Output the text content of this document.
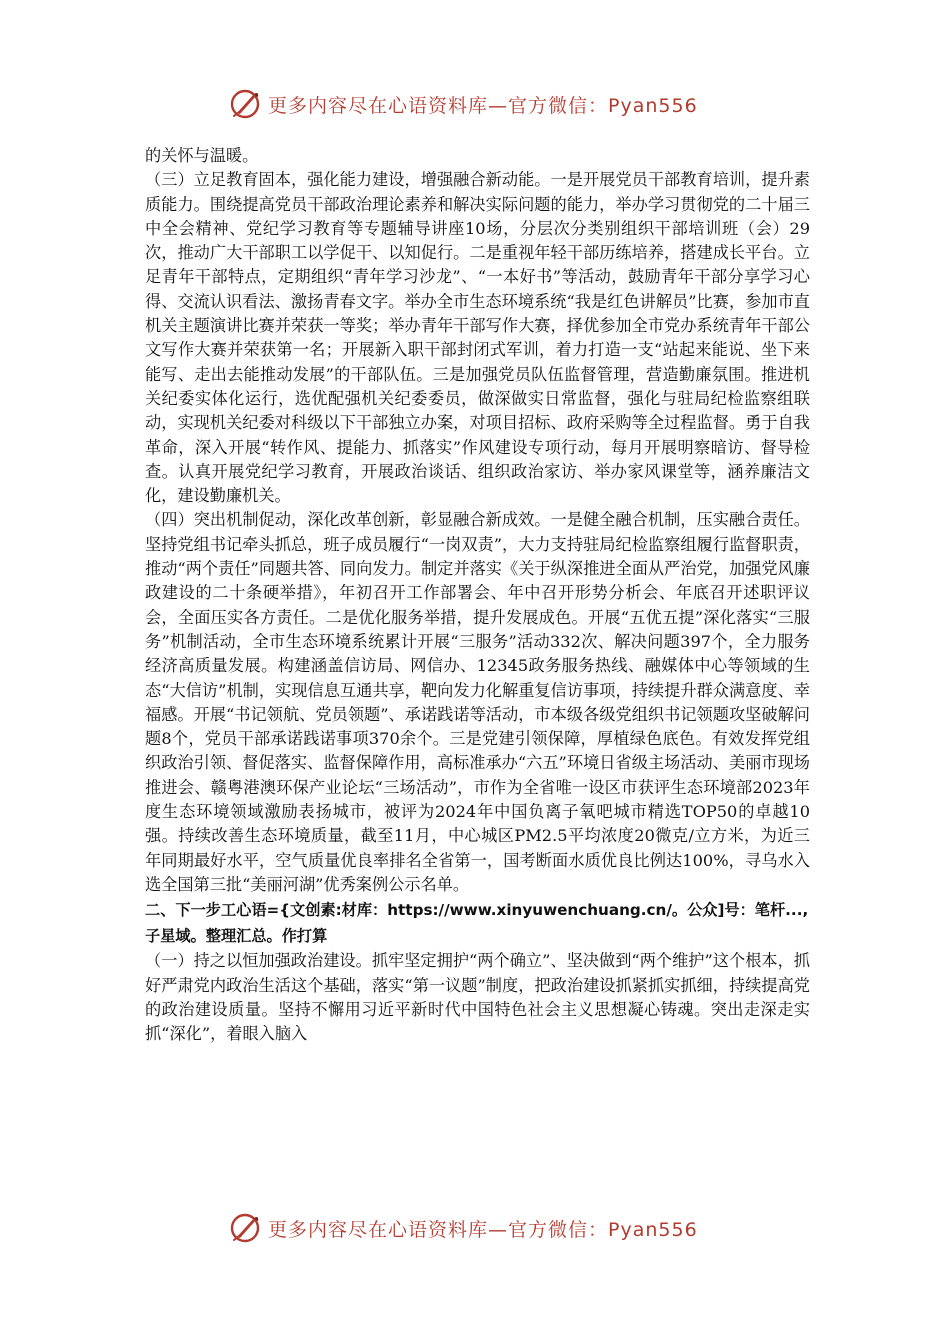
更多内容尽在心语资料库—官方微信：Pyan556

的关怀与温暖。

（三）立足教育固本，强化能力建设，增强融合新动能。一是开展党员干部教育培训，提升素质能力。围绕提高党员干部政治理论素养和解决实际问题的能力，举办学习贯彻党的二十届三中全会精神、党纪学习教育等专题辅导讲座10场，分层次分类别组织干部培训班（会）29次，推动广大干部职工以学促干、以知促行。二是重视年轻干部历练培养，搭建成长平台。立足青年干部特点，定期组织“青年学习沙龙”、“一本好书”等活动，鼓励青年干部分享学习心得、交流认识看法、激扬青春文字。举办全市生态环境系统“我是红色讲解员”比赛，参加市直机关主题演讲比赛并荣获一等奖；举办青年干部写作大赛，择优参加全市党办系统青年干部公文写作大赛并荣获第一名；开展新入职干部封闭式军训，着力打造一支“站起来能说、坐下来能写、走出去能推动发展”的干部队伍。三是加强党员队伍监督管理，营造勤廉氛围。推进机关纪委实体化运行，选优配强机关纪委委员，做深做实日常监督，强化与驻局纪检监察组联动，实现机关纪委对科级以下干部独立办案，对项目招标、政府采购等全过程监督。勇于自我革命，深入开展“转作风、提能力、抓落实”作风建设专项行动，每月开展明察暗访、督导检查。认真开展党纪学习教育，开展政治谈话、组织政治家访、举办家风课堂等，涵养廉洁文化，建设勤廉机关。

（四）突出机制促动，深化改革创新，彰显融合新成效。一是健全融合机制，压实融合责任。坚持党组书记牵头抓总，班子成员履行“一岗双责”，大力支持驻局纪检监察组履行监督职责，推动“两个责任”同题共答、同向发力。制定并落实《关于纵深推进全面从严治党，加强党风廉政建设的二十条硬举措》，年初召开工作部署会、年中召开形势分析会、年底召开述职评议会，全面压实各方责任。二是优化服务举措，提升发展成色。开展“五优五提”深化落实“三服务”机制活动，全市生态环境系统累计开展“三服务”活动332次、解决问题397个，全力服务经济高质量发展。构建涵盖信访局、网信办、12345政务服务热线、融媒体中心等领域的生态“大信访”机制，实现信息互通共享，靶向发力化解重复信访事项，持续提升群众满意度、幸福感。开展“书记领航、党员领题”、承诺践诺等活动，市本级各级党组织书记领题攻坚破解问题8个，党员干部承诺践诺事项370余个。三是党建引领保障，厚植绿色底色。有效发挥党组织政治引领、督促落实、监督保障作用，高标准承办“六五”环境日省级主场活动、美丽市现场推进会、赣粤港澳环保产业论坛“三场活动”，市作为全省唯一设区市获评生态环境部2023年度生态环境领域激励表扬城市，被评为2024年中国负离子氧吧城市精选TOP50的卓越10强。持续改善生态环境质量，截至11月，中心城区PM2.5平均浓度20微克/立方米，为近三年同期最好水平，空气质量优良率排名全省第一，国考断面水质优良比例达100%，寻乌水入选全国第三批“美丽河湖”优秀案例公示名单。

二、下一步工心语={文创素:材库：https://www.xinyuwenchuang.cn/。公众]号：笔杆...,子星域。整理汇总。作打算

（一）持之以恒加强政治建设。抓牢坚定拥护“两个确立”、坚决做到“两个维护”这个根本，抓好严肃党内政治生活这个基础，落实“第一议题”制度，把政治建设抓紧抓实抓细，持续提高党的政治建设质量。坚持不懈用习近平新时代中国特色社会主义思想凝心铸魂。突出走深走实抓“深化”，着眼入脑入

更多内容尽在心语资料库—官方微信：Pyan556
